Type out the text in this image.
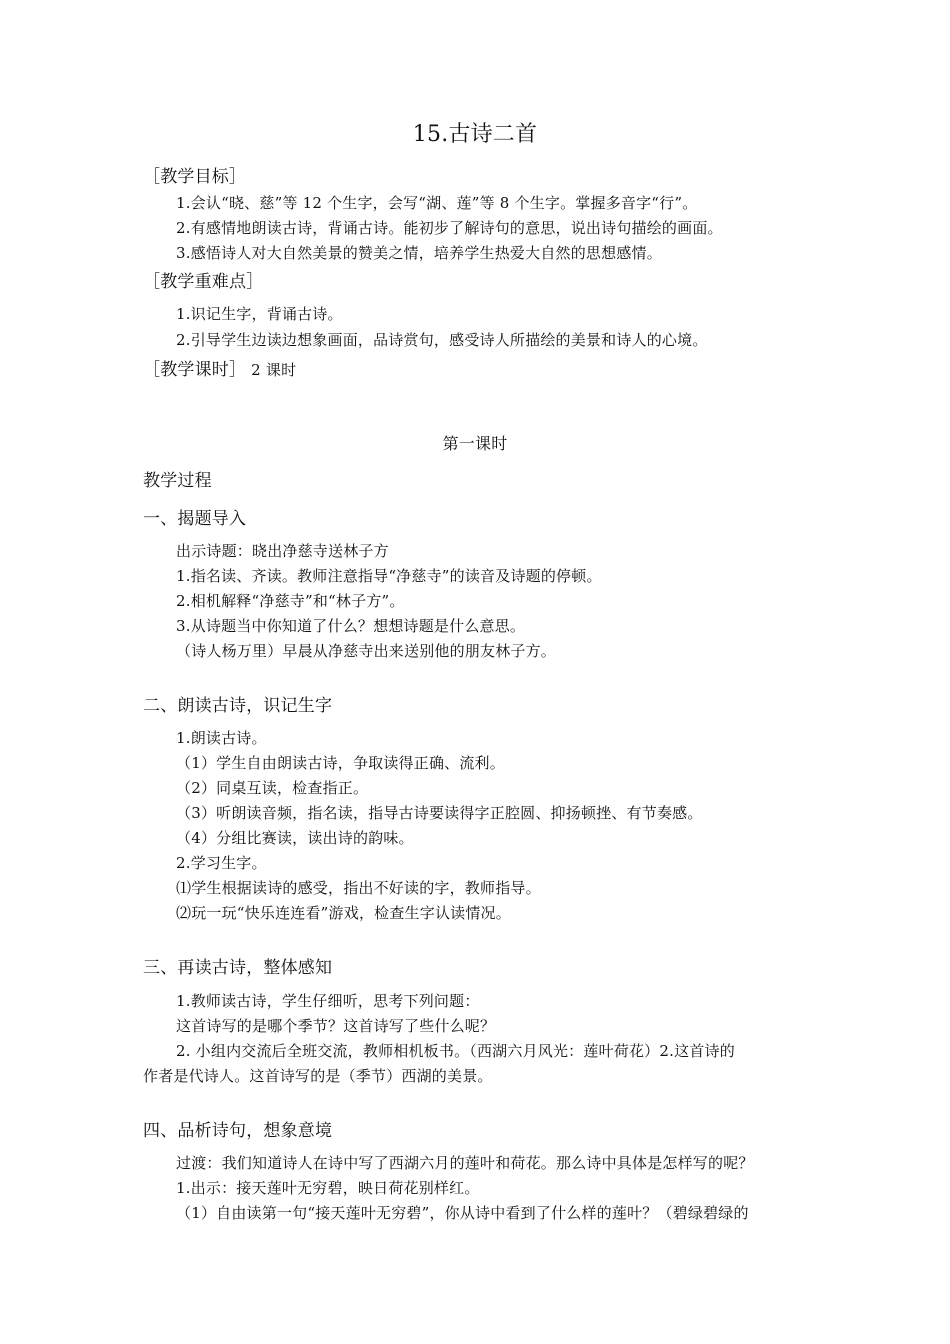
15.古诗二首
［教学目标］
1.会认“晓、慈”等 12 个生字，会写“湖、莲”等 8 个生字。掌握多音字“行”。
2.有感情地朗读古诗，背诵古诗。能初步了解诗句的意思，说出诗句描绘的画面。
3.感悟诗人对大自然美景的赞美之情，培养学生热爱大自然的思想感情。
［教学重难点］
1.识记生字，背诵古诗。
2.引导学生边读边想象画面，品诗赏句，感受诗人所描绘的美景和诗人的心境。
［教学课时］ 2 课时
第一课时
教学过程
一、揭题导入
出示诗题：晓出净慈寺送林子方
1.指名读、齐读。教师注意指导“净慈寺”的读音及诗题的停顿。
2.相机解释“净慈寺”和“林子方”。
3.从诗题当中你知道了什么？想想诗题是什么意思。
（诗人杨万里）早晨从净慈寺出来送别他的朋友林子方。
二、朗读古诗，识记生字
1.朗读古诗。
（1）学生自由朗读古诗，争取读得正确、流利。
（2）同桌互读，检查指正。
（3）听朗读音频，指名读，指导古诗要读得字正腔圆、抑扬顿挫、有节奏感。
（4）分组比赛读，读出诗的韵味。
2.学习生字。
⑴学生根据读诗的感受，指出不好读的字，教师指导。
⑵玩一玩“快乐连连看”游戏，检查生字认读情况。
三、再读古诗，整体感知
1.教师读古诗，学生仔细听，思考下列问题：
这首诗写的是哪个季节？这首诗写了些什么呢？
2. 小组内交流后全班交流，教师相机板书。（西湖六月风光：莲叶荷花）2.这首诗的
作者是代诗人。这首诗写的是（季节）西湖的美景。
四、品析诗句，想象意境
过渡：我们知道诗人在诗中写了西湖六月的莲叶和荷花。那么诗中具体是怎样写的呢？
1.出示：接天莲叶无穷碧，映日荷花别样红。
（1）自由读第一句“接天莲叶无穷碧”，你从诗中看到了什么样的莲叶？（碧绿碧绿的
